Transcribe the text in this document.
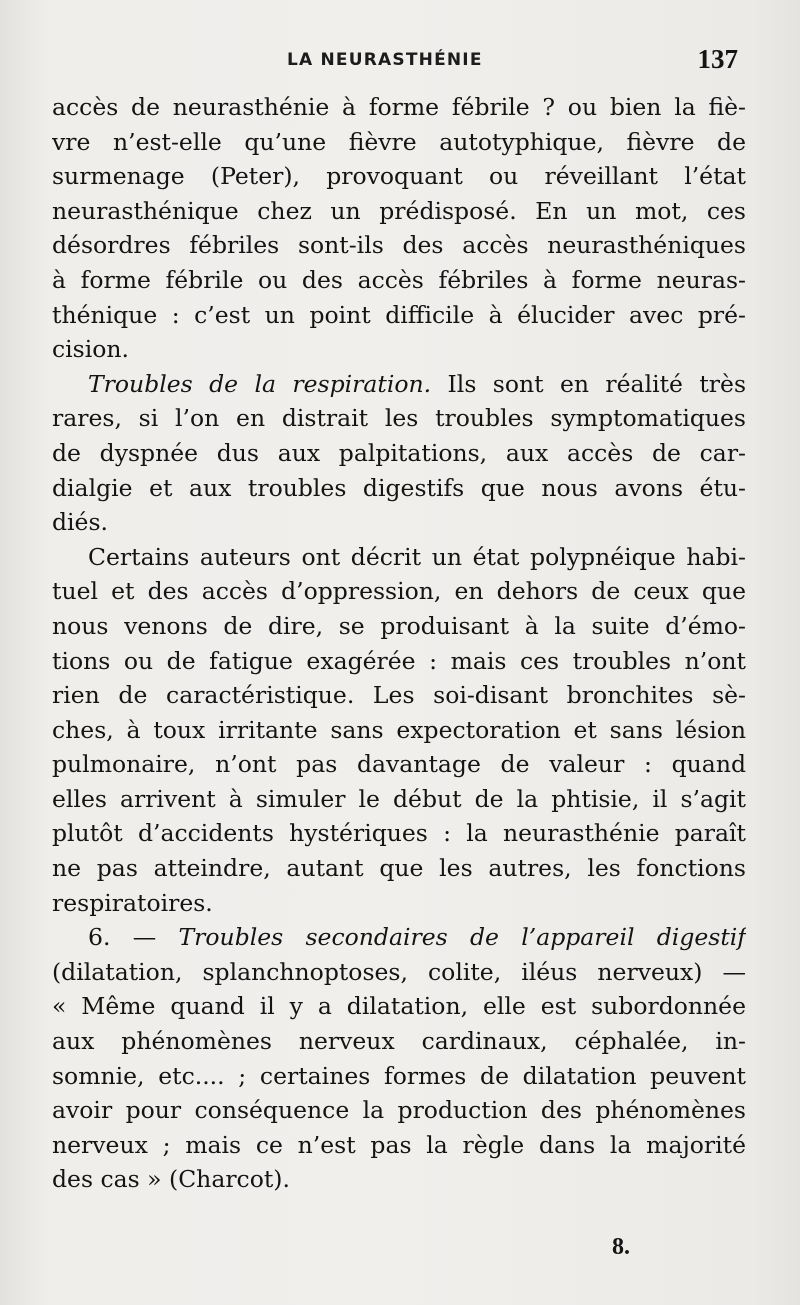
LA NEURASTHÉNIE	137
accès de neurasthénie à forme fébrile ? ou bien la fiè-
vre n’est-elle qu’une fièvre autotyphique, fièvre de
surmenage (Peter), provoquant ou réveillant l’état
neurasthénique chez un prédisposé. En un mot, ces
désordres fébriles sont-ils des accès neurasthéniques
à forme fébrile ou des accès fébriles à forme neuras-
thénique : c’est un point difficile à élucider avec pré-
cision.
Troubles de la respiration. Ils sont en réalité très
rares, si l’on en distrait les troubles symptomatiques
de dyspnée dus aux palpitations, aux accès de car-
dialgie et aux troubles digestifs que nous avons étu-
diés.
Certains auteurs ont décrit un état polypnéique habi-
tuel et des accès d’oppression, en dehors de ceux que
nous venons de dire, se produisant à la suite d’émo-
tions ou de fatigue exagérée : mais ces troubles n’ont
rien de caractéristique. Les soi-disant bronchites sè-
ches, à toux irritante sans expectoration et sans lésion
pulmonaire, n’ont pas davantage de valeur : quand
elles arrivent à simuler le début de la phtisie, il s’agit
plutôt d’accidents hystériques : la neurasthénie paraît
ne pas atteindre, autant que les autres, les fonctions
respiratoires.
6. — Troubles secondaires de l’appareil digestif
(dilatation, splanchnoptoses, colite, iléus nerveux) —
« Même quand il y a dilatation, elle est subordonnée
aux phénomènes nerveux cardinaux, céphalée, in-
somnie, etc.... ; certaines formes de dilatation peuvent
avoir pour conséquence la production des phénomènes
nerveux ; mais ce n’est pas la règle dans la majorité
des cas » (Charcot).
8.
